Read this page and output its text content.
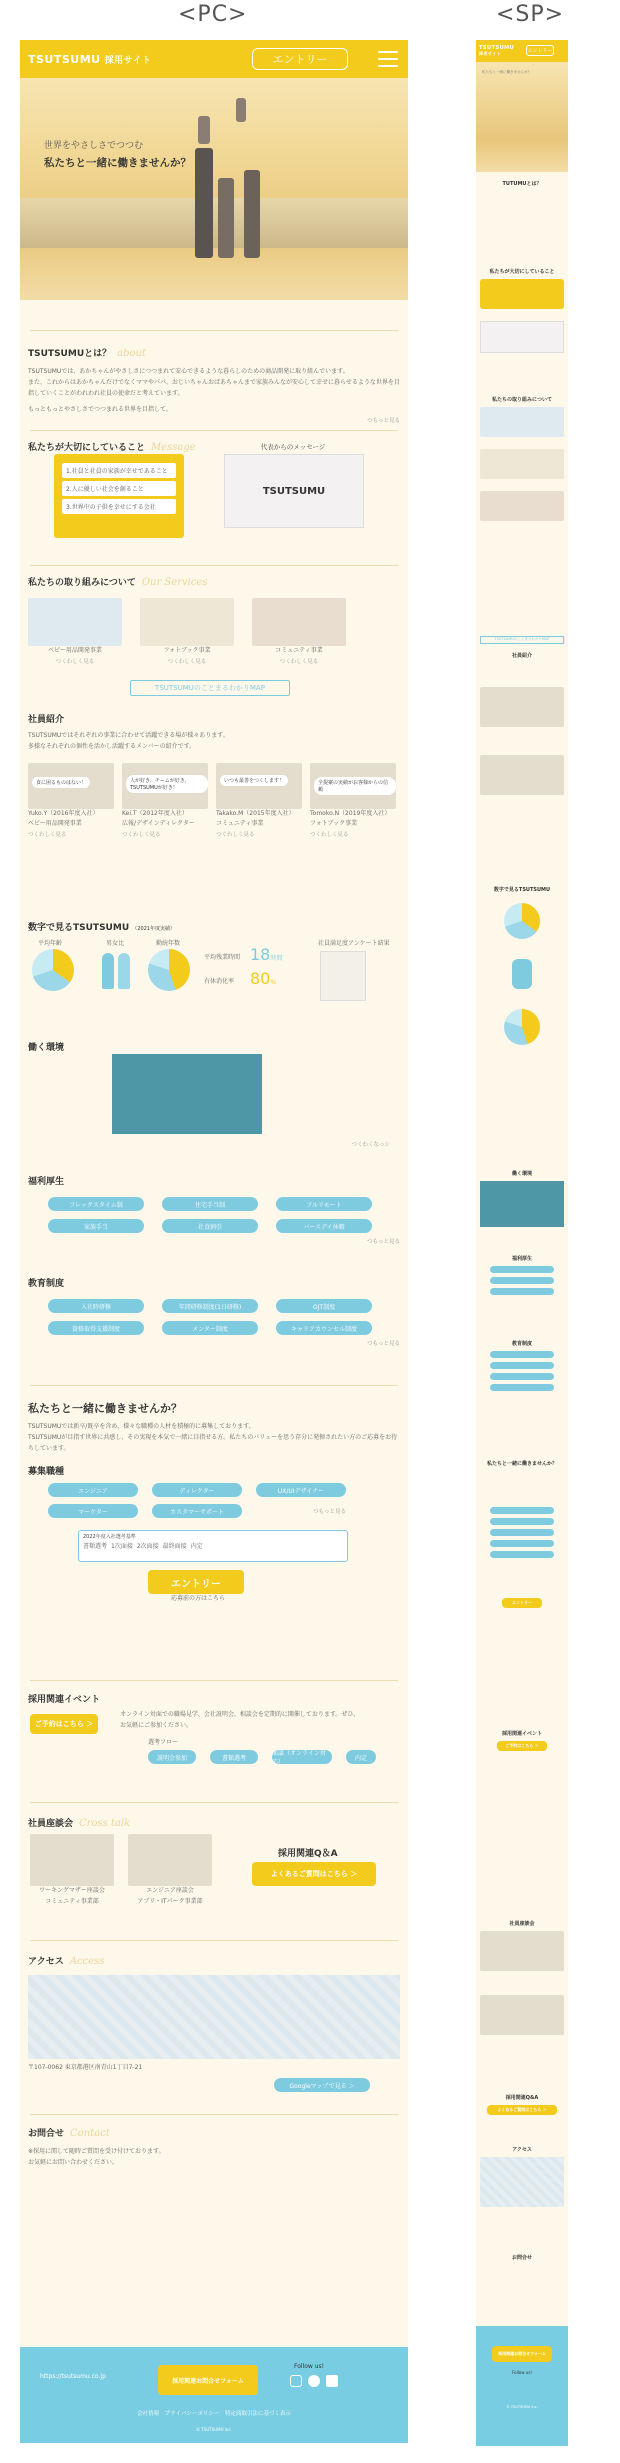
<PC>	<SP>
TSUTSUMU 採用サイト	エントリー
世界をやさしさでつつむ
私たちと一緒に働きませんか？
TSUTSUMUとは？ about
TSUTSUMUでは、あかちゃんがやさしさにつつまれて安心できるような暮らしのための商品開発に取り組んでいます。
また、これからはあかちゃんだけでなくママやパパ、おじいちゃんおばあちゃんまで家族みんなが安心して幸せに暮らせるような世界を目指していくことがわれわれ社員の使命だと考えています。
もっともっとやさしさでつつまれる世界を目指して。
つもっと見る
私たちが大切にしていること Message
1.社員と社員の家族が幸せであること
2.人に優しい社会を創ること
3.世界中の子供を幸せにする会社
代表からのメッセージ
TSUTSUMU
私たちの取り組みについて Our Services
ベビー用品開発事業
つくわしく見る
フォトブック事業
つくわしく見る
コミュニティ事業
つくわしく見る
TSUTSUMUのことまるわかりMAP
社員紹介
TSUTSUMUではそれぞれの事業に合わせて活躍できる場が様々あります。
多様なそれぞれの個性を活かし活躍するメンバーの紹介です。
食に困るものはない！
Yuko.Y（2016年度入社）
ベビー用品開発事業
つくわしく見る
人が好き、チームが好き、TSUTSUMUが好き！
Kei.T（2012年度入社）
広報/デザインディレクター
つくわしく見る
いつも最善をつくします！
Takako.M（2015年度入社）
コミュニティ事業
つくわしく見る
全提案の実績がお客様からの信頼
Tomoko.N（2019年度入社）
フォトブック事業
つくわしく見る
数字で見るTSUTSUMU （2021年度実績）
平均年齢	男女比	勤続年数
平均残業時間 18時間
有休消化率 80%
社員満足度アンケート結果
働く環境
つくわくなっシ
福利厚生
フレックスタイム制	住宅手当制	フルリモート
家族手当	社食割引	バースデイ休暇
つもっと見る
教育制度
入社時研修	年間研修制度(1日研修)	OJT制度
資格取得支援制度	メンター制度	キャリアカウンセル制度
つもっと見る
私たちと一緒に働きませんか？
TSUTSUMUでは新卒/既卒を含め、様々な職種の人材を積極的に募集しております。
TSUTSUMUが目指す世界に共感し、その実現を本気で一緒に目指せる方。私たちのバリューを思う存分に発揮されたい方のご応募をお待ちしています。
募集職種
エンジニア	ディレクター	UX/UIデザイナー
マーケター	カスタマーサポート	つもっと見る
2022年度入社選考基準
書類選考 1次面接 2次面接 最終面接 内定
エントリー
応募前の方はこちら
採用関連イベント
ご予約はこちら ＞
オンライン対面での職場見学、会社説明会、相談会を定期的に開催しております。ぜひ、お気軽にご参加ください。
選考フロー
説明会参加	書類選考
面談（オンライン対応）
内定
社員座談会 Cross talk
ワーキングマザー座談会
コミュニティ事業部
エンジニア座談会
アプリ・ITパーク事業部
採用関連Q＆A
よくあるご質問はこちら ＞
アクセス Access
〒107-0062 東京都港区南青山1丁目7-21
Googleマップで見る ＞
お問合せ Contact
※採用に関して随時ご質問を受け付けております。
お気軽にお問い合わせください。
https://tsutsumu.co.jp
採用関連お問合せフォーム
Follow us!
会社情報　プライバシーポリシー　特定商取引法に基づく表示
© TSUTSUMU inc.
TSUTSUMU
採用サイト	エントリー
私たちと一緒に働きませんか？
TUTUMUとは？
私たちが大切にしていること
私たちの取り組みについて
TSUTSUMUのことまるわかりMAP
社員紹介
数字で見るTSUTSUMU
働く環境
福利厚生
教育制度
私たちと一緒に働きませんか？
エントリー
採用関連イベント
ご予約はこちら ＞
社員座談会
採用関連Q&A
よくあるご質問はこちら ＞
アクセス
お問合せ
採用関連お問合せフォーム
Follow us!
© TSUTSUMU inc.
